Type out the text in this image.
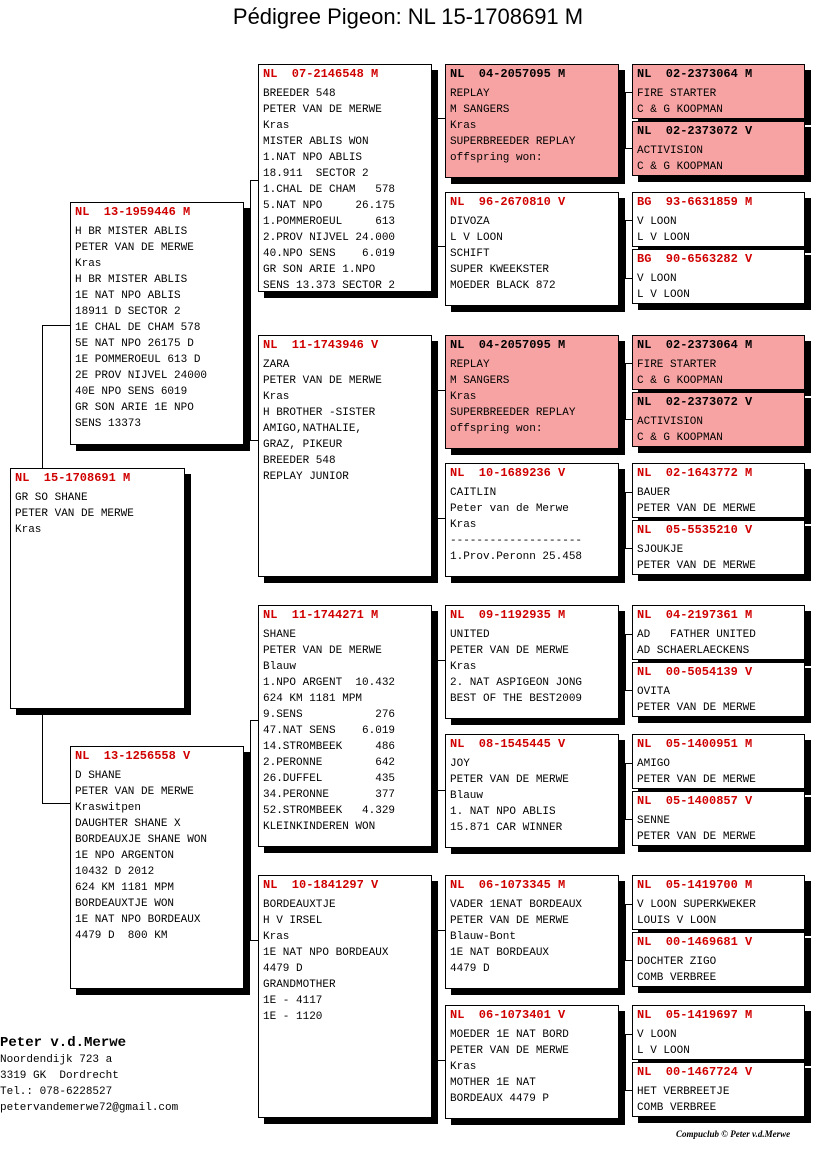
Pédigree Pigeon: NL 15-1708691 M
NL  15-1708691 M
GR SO SHANE
PETER VAN DE MERWE
Kras
NL  13-1959446 M
H BR MISTER ABLIS
PETER VAN DE MERWE
Kras
H BR MISTER ABLIS
1E NAT NPO ABLIS
18911 D SECTOR 2
1E CHAL DE CHAM 578
5E NAT NPO 26175 D
1E POMMEROEUL 613 D
2E PROV NIJVEL 24000
40E NPO SENS 6019
GR SON ARIE 1E NPO
SENS 13373
NL  13-1256558 V
D SHANE
PETER VAN DE MERWE
Kraswitpen
DAUGHTER SHANE X
BORDEAUXJE SHANE WON
1E NPO ARGENTON
10432 D 2012
624 KM 1181 MPM
BORDEAUXTJE WON
1E NAT NPO BORDEAUX
4479 D  800 KM
NL  07-2146548 M
BREEDER 548
PETER VAN DE MERWE
Kras
MISTER ABLIS WON
1.NAT NPO ABLIS
18.911  SECTOR 2
1.CHAL DE CHAM   578
5.NAT NPO     26.175
1.POMMEROEUL     613
2.PROV NIJVEL 24.000
40.NPO SENS    6.019
GR SON ARIE 1.NPO
SENS 13.373 SECTOR 2
NL  11-1743946 V
ZARA
PETER VAN DE MERWE
Kras
H BROTHER -SISTER
AMIGO,NATHALIE,
GRAZ, PIKEUR
BREEDER 548
REPLAY JUNIOR
NL  11-1744271 M
SHANE
PETER VAN DE MERWE
Blauw
1.NPO ARGENT  10.432
624 KM 1181 MPM
9.SENS           276
47.NAT SENS    6.019
14.STROMBEEK     486
2.PERONNE        642
26.DUFFEL        435
34.PERONNE       377
52.STROMBEEK   4.329
KLEINKINDEREN WON
NL  10-1841297 V
BORDEAUXTJE
H V IRSEL
Kras
1E NAT NPO BORDEAUX
4479 D
GRANDMOTHER
1E - 4117
1E - 1120
NL  04-2057095 M
REPLAY
M SANGERS
Kras
SUPERBREEDER REPLAY
offspring won:
NL  96-2670810 V
DIVOZA
L V LOON
SCHIFT
SUPER KWEEKSTER
MOEDER BLACK 872
NL  04-2057095 M
REPLAY
M SANGERS
Kras
SUPERBREEDER REPLAY
offspring won:
NL  10-1689236 V
CAITLIN
Peter van de Merwe
Kras
--------------------
1.Prov.Peronn 25.458
NL  09-1192935 M
UNITED
PETER VAN DE MERWE
Kras
2. NAT ASPIGEON JONG
BEST OF THE BEST2009
NL  08-1545445 V
JOY
PETER VAN DE MERWE
Blauw
1. NAT NPO ABLIS
15.871 CAR WINNER
NL  06-1073345 M
VADER 1ENAT BORDEAUX
PETER VAN DE MERWE
Blauw-Bont
1E NAT BORDEAUX
4479 D
NL  06-1073401 V
MOEDER 1E NAT BORD
PETER VAN DE MERWE
Kras
MOTHER 1E NAT
BORDEAUX 4479 P
NL  02-2373064 M
FIRE STARTER
C & G KOOPMAN
NL  02-2373072 V
ACTIVISION
C & G KOOPMAN
BG  93-6631859 M
V LOON
L V LOON
BG  90-6563282 V
V LOON
L V LOON
NL  02-2373064 M
FIRE STARTER
C & G KOOPMAN
NL  02-2373072 V
ACTIVISION
C & G KOOPMAN
NL  02-1643772 M
BAUER
PETER VAN DE MERWE
NL  05-5535210 V
SJOUKJE
PETER VAN DE MERWE
NL  04-2197361 M
AD   FATHER UNITED
AD SCHAERLAECKENS
NL  00-5054139 V
OVITA
PETER VAN DE MERWE
NL  05-1400951 M
AMIGO
PETER VAN DE MERWE
NL  05-1400857 V
SENNE
PETER VAN DE MERWE
NL  05-1419700 M
V LOON SUPERKWEKER
LOUIS V LOON
NL  00-1469681 V
DOCHTER ZIGO
COMB VERBREE
NL  05-1419697 M
V LOON
L V LOON
NL  00-1467724 V
HET VERBREETJE
COMB VERBREE
Peter v.d.Merwe
Noordendijk 723 a
3319 GK  Dordrecht
Tel.: 078-6228527
petervandemerwe72@gmail.com
Compuclub © Peter v.d.Merwe
